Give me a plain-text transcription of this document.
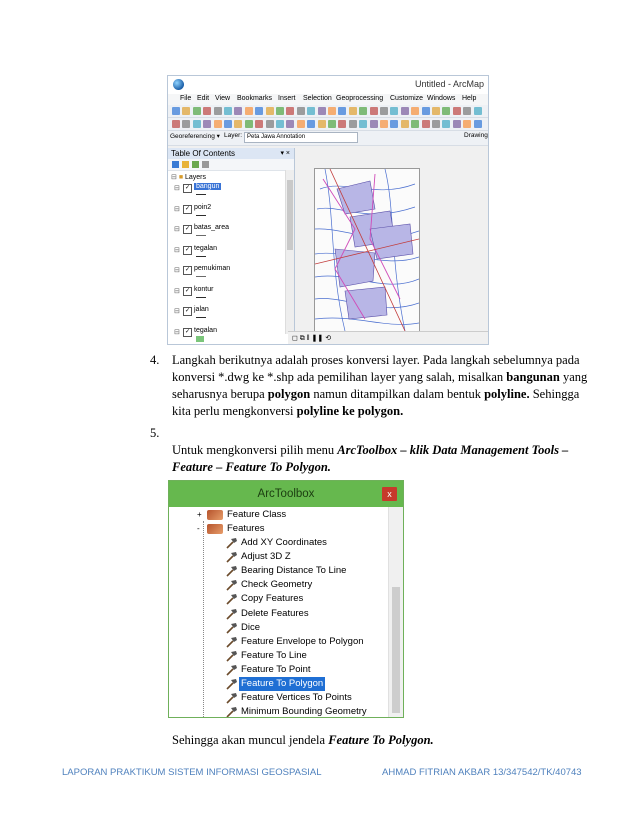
Untitled - ArcMap
File Edit View Bookmarks Insert Selection Geoprocessing Customize Windows Help
Georeferencing ▾ Layer: Peta Jawa Annotation	Drawing
Table Of Contents	▾ ×
⊟ ■ Layers
⊟ ✓ bangun
⊟ ✓ poin2
⊟ ✓ batas_area
⊟ ✓ tegalan
⊟ ✓ pemukiman
⊟ ✓ kontur
⊟ ✓ jalan
⊟ ✓ tegalan
◻ ⧉ ‖ ❚❚ ⟲
4. Langkah berikutnya adalah proses konversi layer. Pada langkah sebelumnya pada konversi *.dwg ke *.shp ada pemilihan layer yang salah, misalkan bangunan yang seharusnya berupa polygon namun ditampilkan dalam bentuk polyline. Sehingga kita perlu mengkonversi polyline ke polygon.
5.
Untuk mengkonversi pilih menu ArcToolbox – klik Data Management Tools – Feature – Feature To Polygon.
ArcToolbox	x
+	Feature Class
-	Features
Add XY Coordinates
Adjust 3D Z
Bearing Distance To Line
Check Geometry
Copy Features
Delete Features
Dice
Feature Envelope to Polygon
Feature To Line
Feature To Point
Feature To Polygon
Feature Vertices To Points
Minimum Bounding Geometry
Sehingga akan muncul jendela Feature To Polygon.
LAPORAN PRAKTIKUM SISTEM INFORMASI GEOSPASIAL	AHMAD FITRIAN AKBAR 13/347542/TK/40743
